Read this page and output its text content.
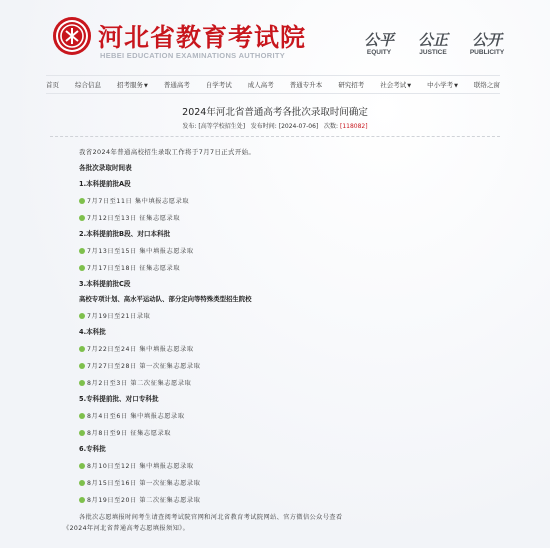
河北省教育考试院
HEBEI EDUCATION EXAMINATIONS AUTHORITY
公平
EQUITY
公正
JUSTICE
公开
PUBLICITY
首页 综合信息 招考服务▼ 普通高考 自学考试 成人高考 普通专升本 研究招考 社会考试▼ 中小学考▼ 联络之窗
2024年河北省普通高考各批次录取时间确定
发布: [高等学校招生处] 发布时间: [2024-07-06] 次数: [118082]
我省2024年普通高校招生录取工作将于7月7日正式开始。
各批次录取时间表
1.本科提前批A段
7月7日至11日 集中填报志愿录取
7月12日至13日 征集志愿录取
2.本科提前批B段、对口本科批
7月13日至15日 集中填报志愿录取
7月17日至18日 征集志愿录取
3.本科提前批C段
高校专项计划、高水平运动队、部分定向等特殊类型招生院校
7月19日至21日录取
4.本科批
7月22日至24日 集中填报志愿录取
7月27日至28日 第一次征集志愿录取
8月2日至3日 第二次征集志愿录取
5.专科提前批、对口专科批
8月4日至6日 集中填报志愿录取
8月8日至9日 征集志愿录取
6.专科批
8月10日至12日 集中填报志愿录取
8月15日至16日 第一次征集志愿录取
8月19日至20日 第二次征集志愿录取
各批次志愿填报时间考生请查阅考试院官网和河北省教育考试院网站、官方微信公众号查看
《2024年河北省普通高考志愿填报须知》。
